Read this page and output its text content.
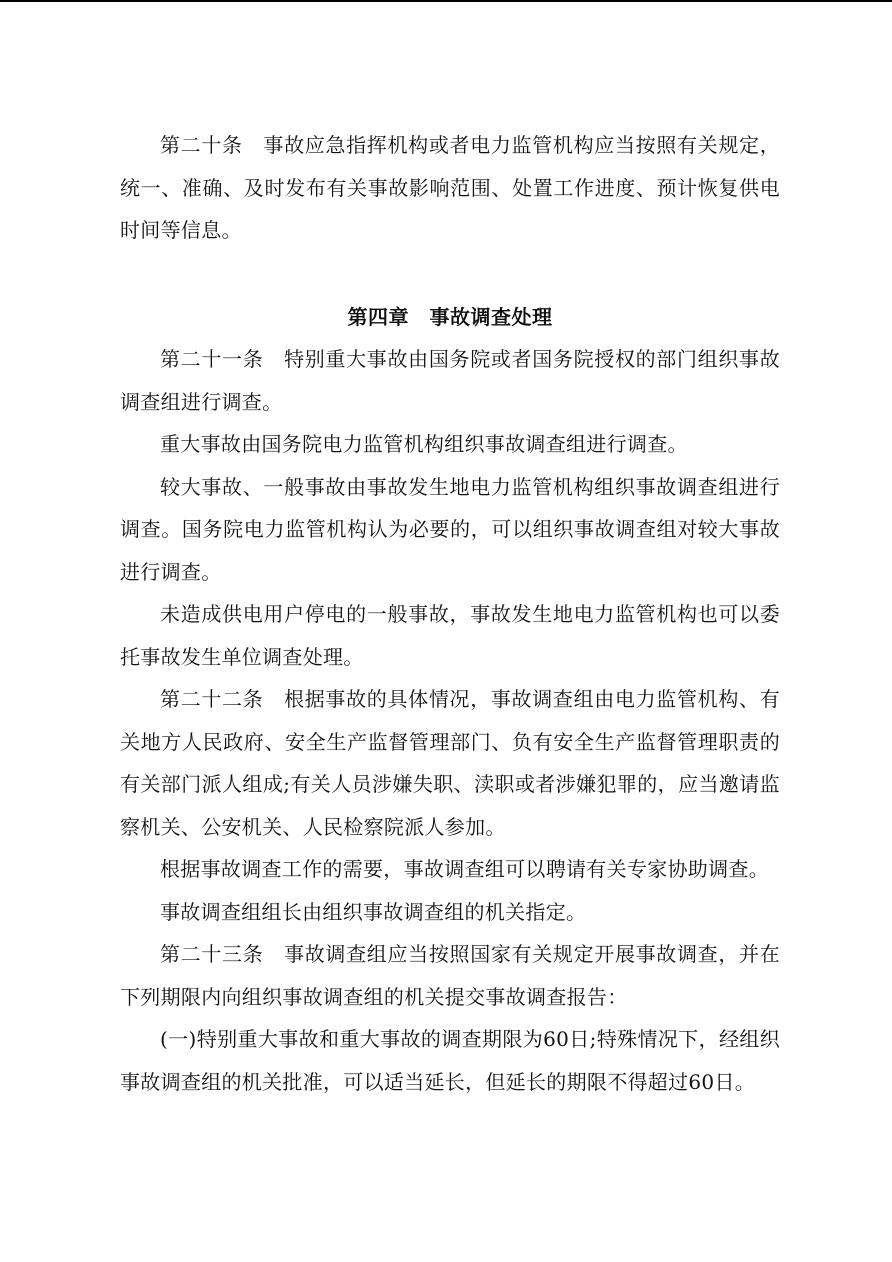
第二十条　事故应急指挥机构或者电力监管机构应当按照有关规定，统一、准确、及时发布有关事故影响范围、处置工作进度、预计恢复供电时间等信息。

第四章　事故调查处理

第二十一条　特别重大事故由国务院或者国务院授权的部门组织事故调查组进行调查。

重大事故由国务院电力监管机构组织事故调查组进行调查。

较大事故、一般事故由事故发生地电力监管机构组织事故调查组进行调查。国务院电力监管机构认为必要的，可以组织事故调查组对较大事故进行调查。

未造成供电用户停电的一般事故，事故发生地电力监管机构也可以委托事故发生单位调查处理。

第二十二条　根据事故的具体情况，事故调查组由电力监管机构、有关地方人民政府、安全生产监督管理部门、负有安全生产监督管理职责的有关部门派人组成;有关人员涉嫌失职、渎职或者涉嫌犯罪的，应当邀请监察机关、公安机关、人民检察院派人参加。

根据事故调查工作的需要，事故调查组可以聘请有关专家协助调查。

事故调查组组长由组织事故调查组的机关指定。

第二十三条　事故调查组应当按照国家有关规定开展事故调查，并在下列期限内向组织事故调查组的机关提交事故调查报告：

(一)特别重大事故和重大事故的调查期限为60日;特殊情况下，经组织事故调查组的机关批准，可以适当延长，但延长的期限不得超过60日。
